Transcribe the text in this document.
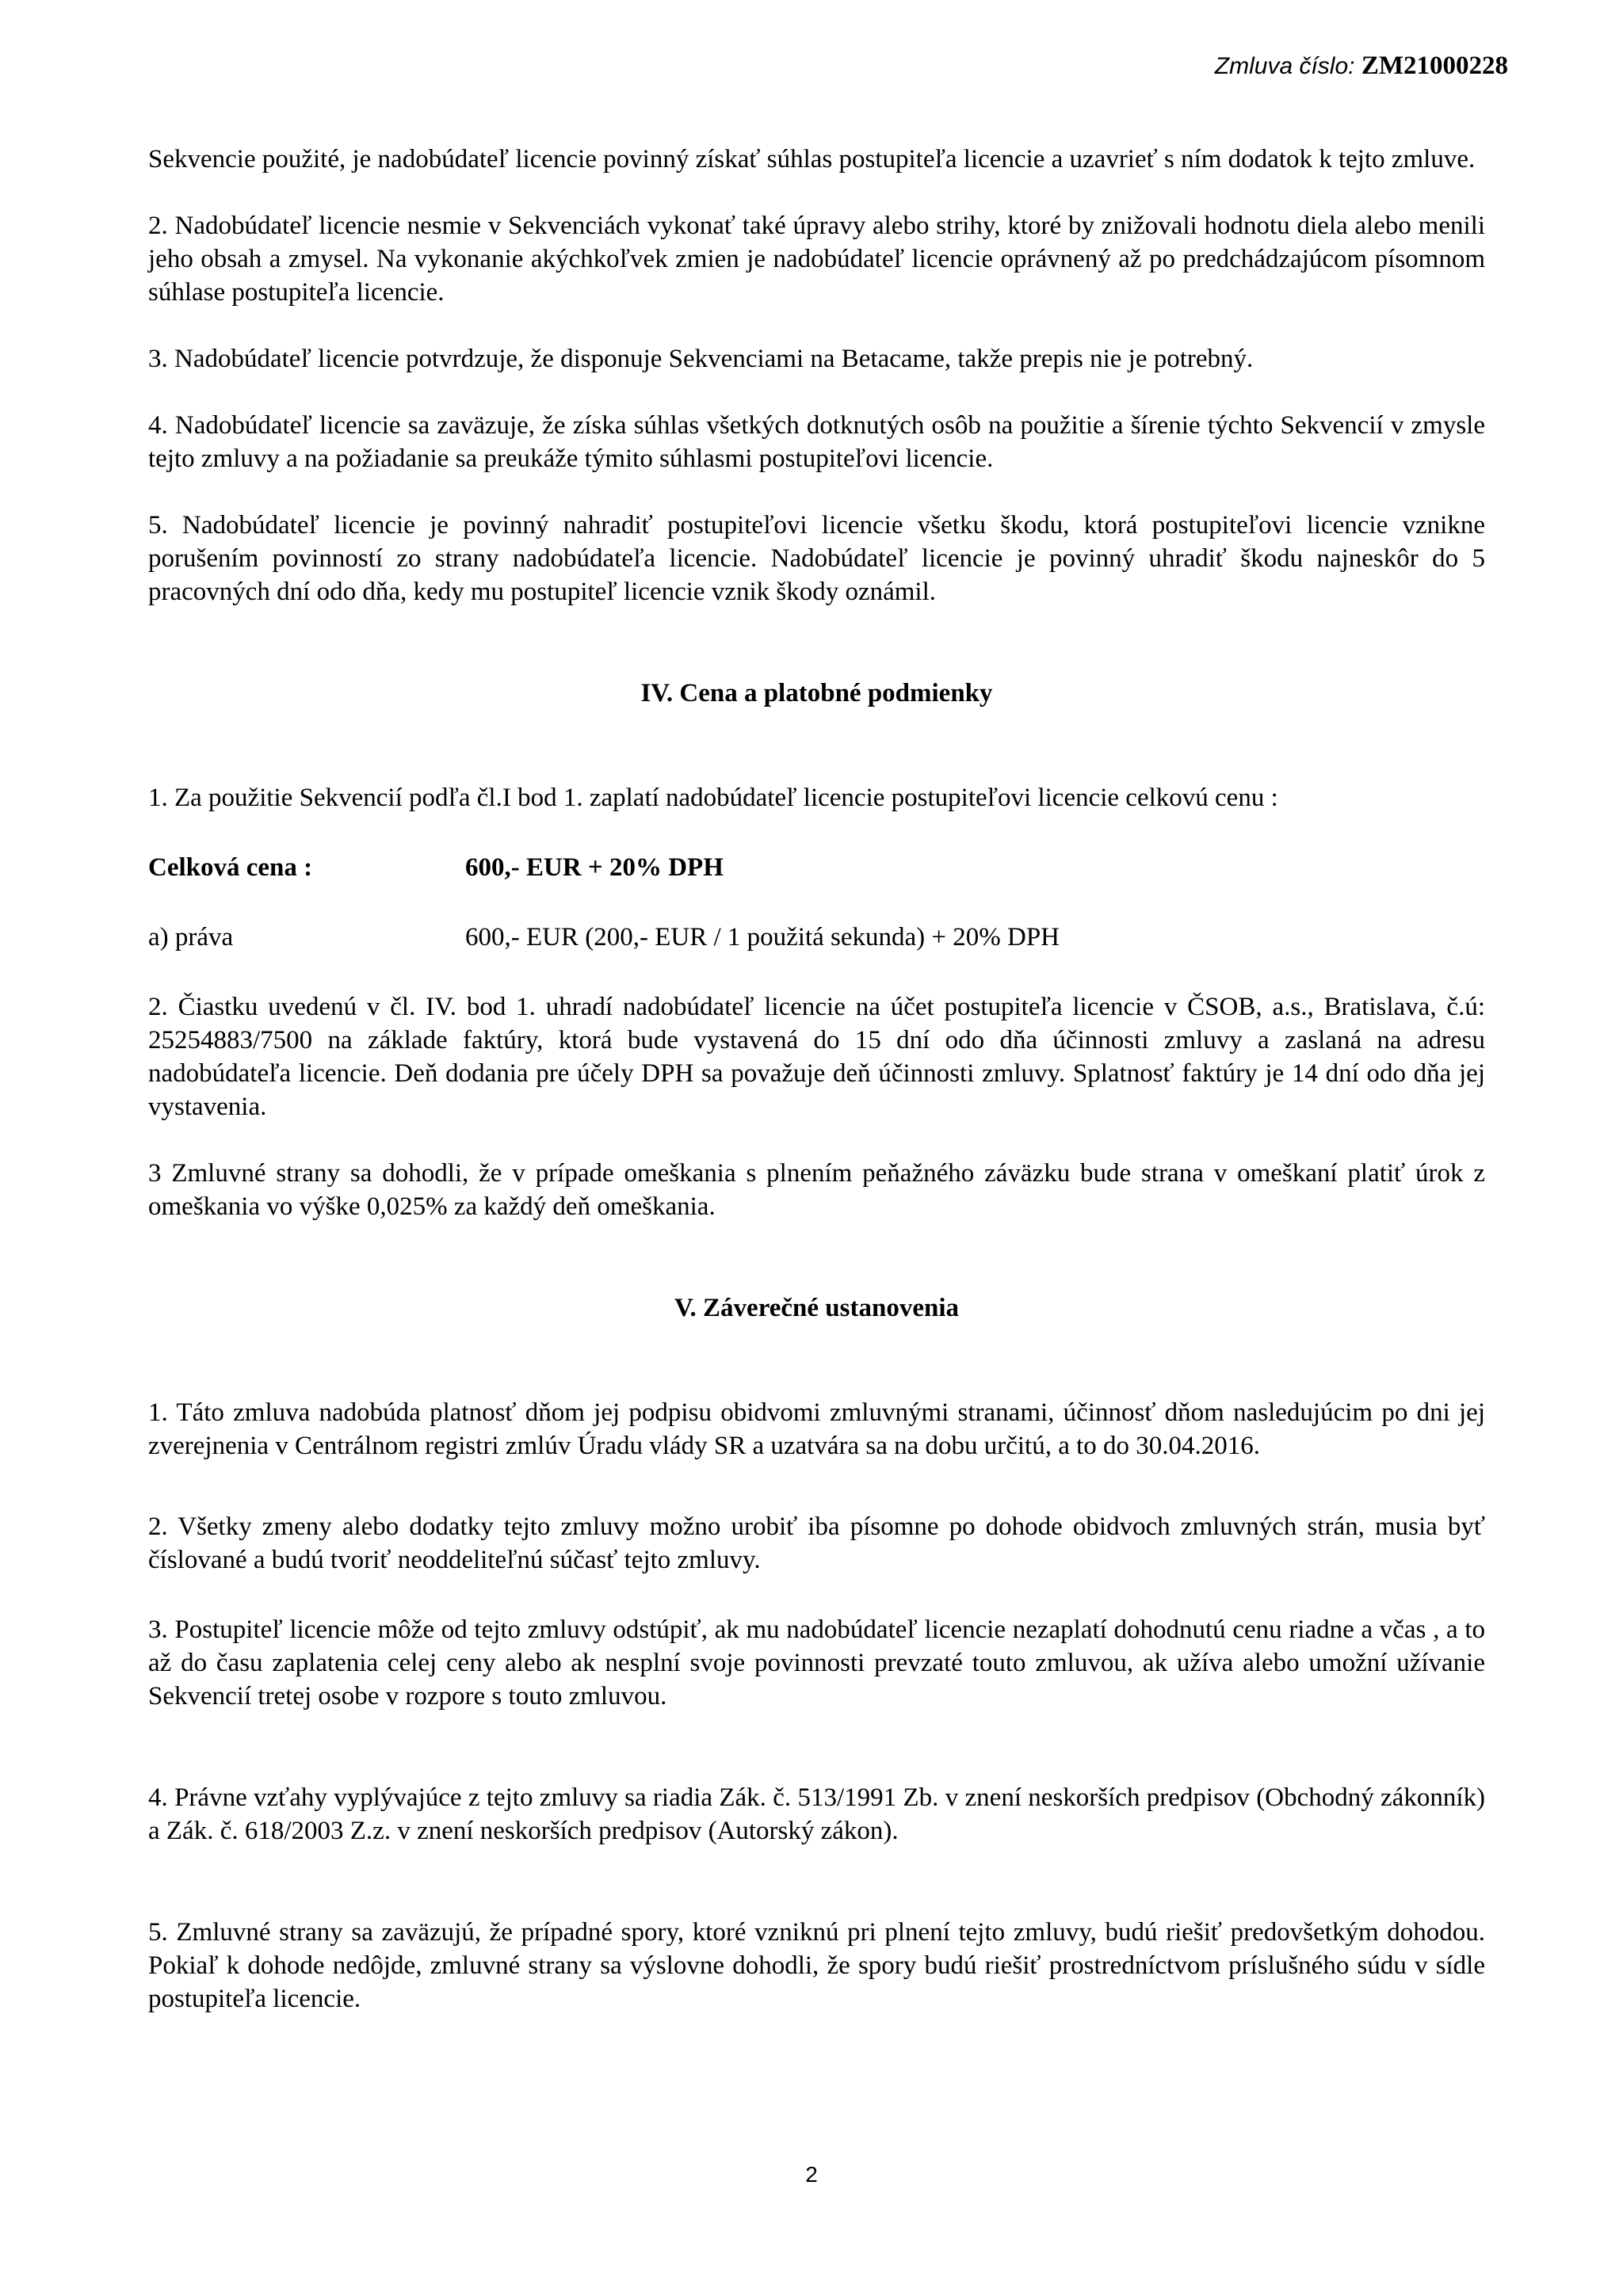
Zmluva číslo: ZM21000228

Sekvencie použité, je nadobúdateľ licencie povinný získať súhlas postupiteľa licencie a uzavrieť s ním dodatok k tejto zmluve.

2. Nadobúdateľ licencie nesmie v Sekvenciách vykonať také úpravy alebo strihy, ktoré by znižovali hodnotu diela alebo menili jeho obsah a zmysel. Na vykonanie akýchkoľvek zmien je nadobúdateľ licencie oprávnený až po predchádzajúcom písomnom súhlase postupiteľa licencie.

3. Nadobúdateľ licencie potvrdzuje, že disponuje Sekvenciami na Betacame, takže prepis nie je potrebný.

4. Nadobúdateľ licencie sa zaväzuje, že získa súhlas všetkých dotknutých osôb na použitie a šírenie týchto Sekvencií v zmysle tejto zmluvy a na požiadanie sa preukáže týmito súhlasmi postupiteľovi licencie.

5. Nadobúdateľ licencie je povinný nahradiť postupiteľovi licencie všetku škodu, ktorá postupiteľovi licencie vznikne porušením povinností zo strany nadobúdateľa licencie. Nadobúdateľ licencie je povinný uhradiť škodu najneskôr do 5 pracovných dní odo dňa, kedy mu postupiteľ licencie vznik škody oznámil.

IV. Cena a platobné podmienky

1. Za použitie Sekvencií podľa čl.I bod 1. zaplatí nadobúdateľ licencie postupiteľovi licencie celkovú cenu :

Celková cena :	600,- EUR + 20% DPH
a) práva	600,- EUR (200,- EUR / 1 použitá sekunda) + 20% DPH

2. Čiastku uvedenú v čl. IV. bod 1. uhradí nadobúdateľ licencie na účet postupiteľa licencie v ČSOB, a.s., Bratislava, č.ú: 25254883/7500 na základe faktúry, ktorá bude vystavená do 15 dní odo dňa účinnosti zmluvy a zaslaná na adresu nadobúdateľa licencie. Deň dodania pre účely DPH sa považuje deň účinnosti zmluvy. Splatnosť faktúry je 14 dní odo dňa jej vystavenia.

3 Zmluvné strany sa dohodli, že v prípade omeškania s plnením peňažného záväzku bude strana v omeškaní platiť úrok z omeškania vo výške 0,025% za každý deň omeškania.

V. Záverečné ustanovenia

1. Táto zmluva nadobúda platnosť dňom jej podpisu obidvomi zmluvnými stranami, účinnosť dňom nasledujúcim po dni jej zverejnenia v Centrálnom registri zmlúv Úradu vlády SR a uzatvára sa na dobu určitú, a to do 30.04.2016.

2. Všetky zmeny alebo dodatky tejto zmluvy možno urobiť iba písomne po dohode obidvoch zmluvných strán, musia byť číslované a budú tvoriť neoddeliteľnú súčasť tejto zmluvy.

3. Postupiteľ licencie môže od tejto zmluvy odstúpiť, ak mu nadobúdateľ licencie nezaplatí dohodnutú cenu riadne a včas , a to až do času zaplatenia celej ceny alebo ak nesplní svoje povinnosti prevzaté touto zmluvou, ak užíva alebo umožní užívanie Sekvencií tretej osobe v rozpore s touto zmluvou.

4. Právne vzťahy vyplývajúce z tejto zmluvy sa riadia Zák. č. 513/1991 Zb. v znení neskorších predpisov (Obchodný zákonník) a Zák. č. 618/2003 Z.z. v znení neskorších predpisov (Autorský zákon).

5. Zmluvné strany sa zaväzujú, že prípadné spory, ktoré vzniknú pri plnení tejto zmluvy, budú riešiť predovšetkým dohodou. Pokiaľ k dohode nedôjde, zmluvné strany sa výslovne dohodli, že spory budú riešiť prostredníctvom príslušného súdu v sídle postupiteľa licencie.

2
